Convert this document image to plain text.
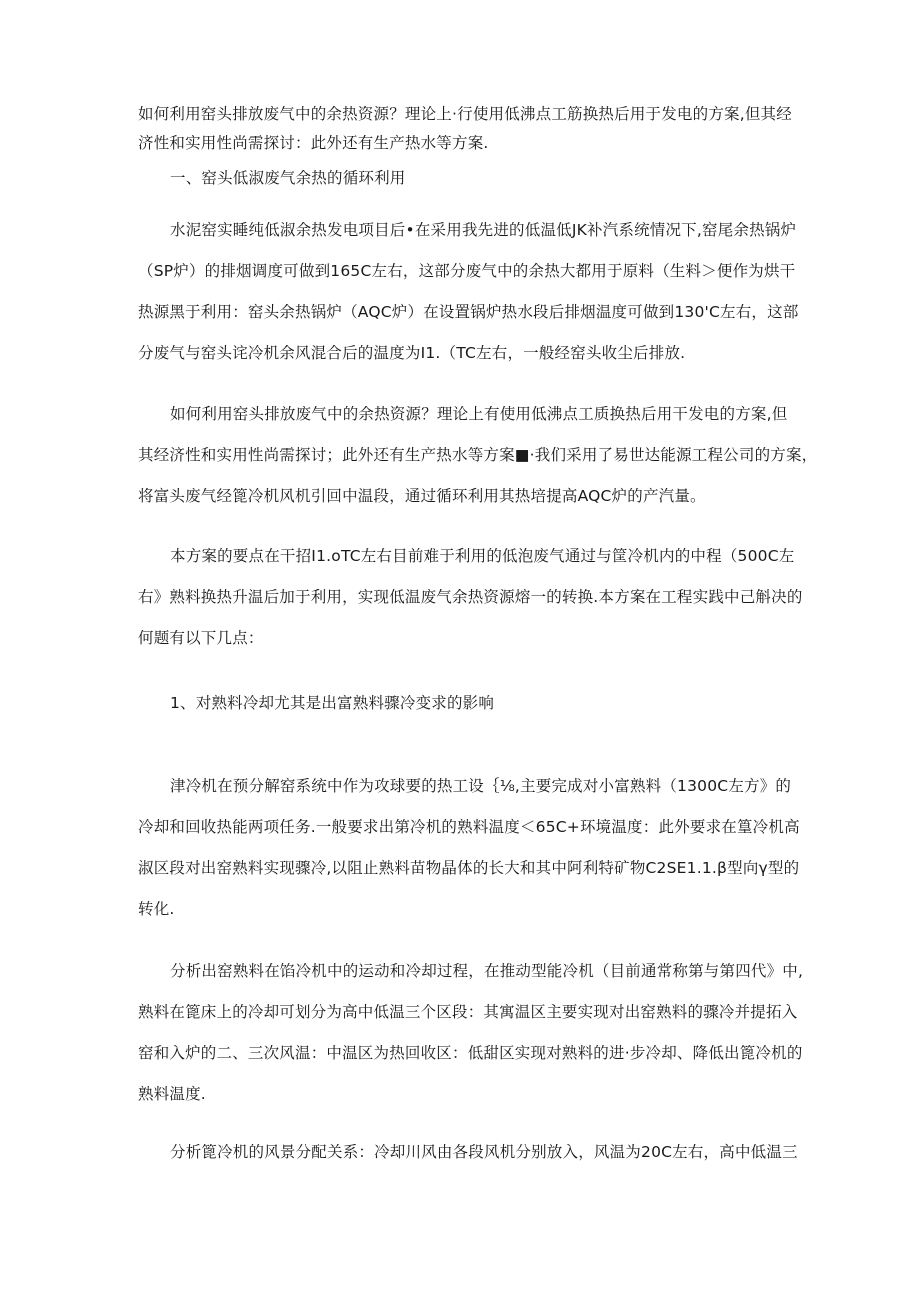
如何利用窑头排放废气中的余热资源？理论上·行使用低沸点工筋换热后用于发电的方案,但其经
济性和实用性尚需探讨：此外还有生产热水等方案.
一、窑头低淑废气余热的循环利用
水泥窑实睡纯低淑余热发电项目后•在采用我先进的低温低JK补汽系统情况下,窑尾余热锅炉
（SP炉）的排烟调度可做到165C左右，这部分废气中的余热大都用于原料（生料＞便作为烘干
热源黑于利用：窑头余热锅炉（AQC炉）在设置锅炉热水段后排烟温度可做到130'C左右，这部
分废气与窑头诧冷机余风混合后的温度为I1.（TC左右，一般经窑头收尘后排放.
如何利用窑头排放废气中的余热资源？理论上有使用低沸点工质换热后用干发电的方案,但
其经济性和实用性尚需探讨；此外还有生产热水等方案■·我们采用了易世达能源工程公司的方案，
将富头废气经篦冷机风机引回中温段，通过循环利用其热培提高AQC炉的产汽量。
本方案的要点在干招I1.oTC左右目前难于利用的低泡废气通过与筐冷机内的中程（500C左
右》熟料换热升温后加于利用，实现低温废气余热资源熔一的转换.本方案在工程实践中己斛决的
何题有以下几点：
1、对熟料冷却尤其是出富熟料骤冷变求的影响
津冷机在预分解窑系统中作为攻球要的热工设｛⅛,主要完成对小富熟料（1300C左方》的
冷却和回收热能两项任务.一般要求出第冷机的熟料温度＜65C+环境温度：此外要求在篁冷机高
淑区段对出窑熟料实现骤冷,以阻止熟料苗物晶体的长大和其中阿利特矿物C2SE1.1.β型向γ型的
转化.
分析出窑熟料在馅冷机中的运动和冷却过程，在推动型能冷机（目前通常称第与第四代》中,
熟料在篦床上的冷却可划分为高中低温三个区段：其寓温区主要实现对出窑熟料的骤冷并提拓入
窑和入炉的二、三次风温：中温区为热回收区：低甜区实现对熟料的进·步冷却、降低出篦冷机的
熟料温度.
分析篦冷机的风景分配关系：冷却川风由各段风机分别放入，风温为20C左右，高中低温三
